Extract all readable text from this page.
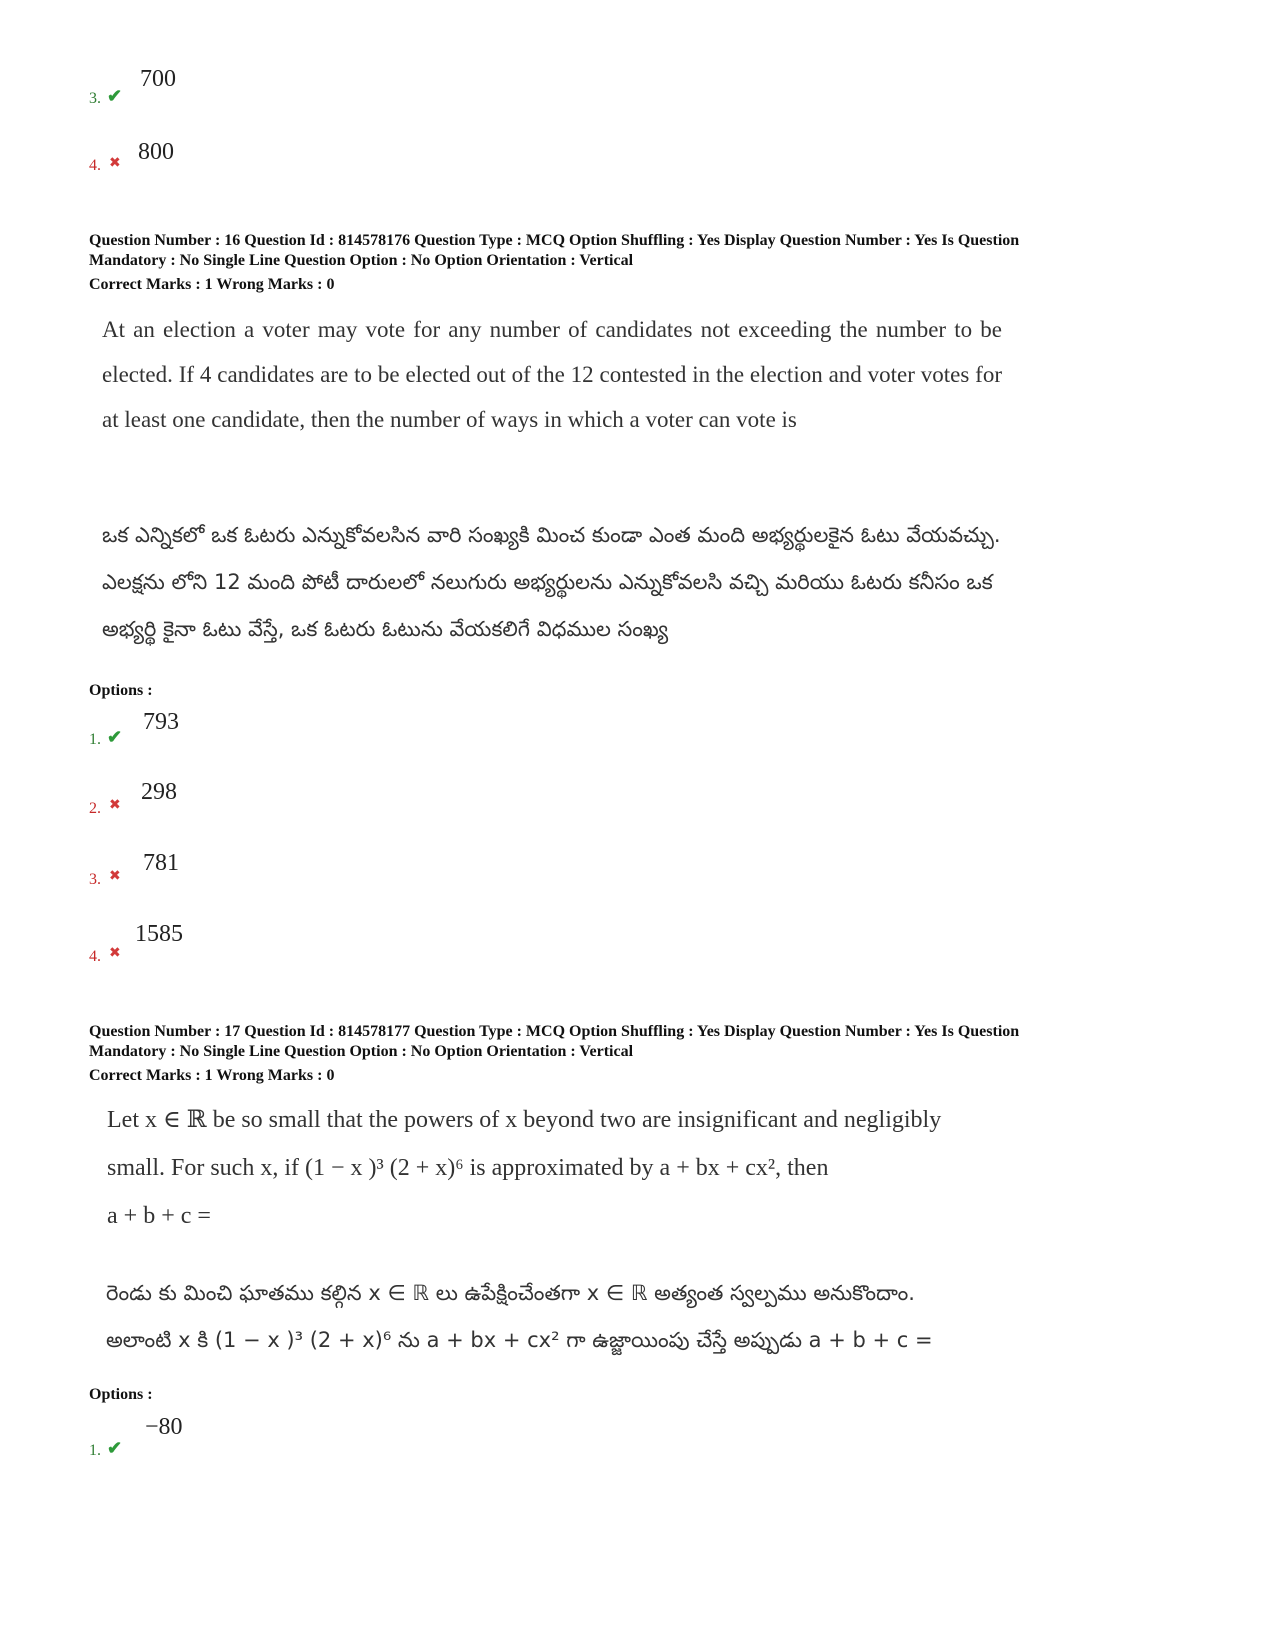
3. ✔
700
4. ✖ 800
Question Number : 16 Question Id : 814578176 Question Type : MCQ Option Shuffling : Yes Display Question Number : Yes Is Question
Mandatory : No Single Line Question Option : No Option Orientation : Vertical
Correct Marks : 1 Wrong Marks : 0
At an election a voter may vote for any number of candidates not exceeding the number to be elected. If 4 candidates are to be elected out of the 12 contested in the election and voter votes for at least one candidate, then the number of ways in which a voter can vote is
ఒక ఎన్నికలో ఒక ఓటరు ఎన్నుకోవలసిన వారి సంఖ్యకి మించ కుండా ఎంత మంది అభ్యర్థులకైన ఓటు వేయవచ్చు. ఎలక్షను లోని 12 మంది పోటీ దారులలో నలుగురు అభ్యర్థులను ఎన్నుకోవలసి వచ్చి మరియు ఓటరు కనీసం ఒక అభ్యర్థి కైనా ఓటు వేస్తే, ఒక ఓటరు ఓటును వేయకలిగే విధముల సంఖ్య
Options :
1. ✔
793
2. ✖
298
3. ✖
781
4. ✖
1585
Question Number : 17 Question Id : 814578177 Question Type : MCQ Option Shuffling : Yes Display Question Number : Yes Is Question
Mandatory : No Single Line Question Option : No Option Orientation : Vertical
Correct Marks : 1 Wrong Marks : 0
Let x ∈ ℝ be so small that the powers of x beyond two are insignificant and negligibly
small. For such x, if (1 − x )³ (2 + x)⁶ is approximated by a + bx + cx², then
a + b + c =
రెండు కు మించి ఘాతము కల్గిన x ∈ ℝ లు ఉపేక్షించేంతగా x ∈ ℝ అత్యంత స్వల్పము అనుకొందాం.
అలాంటి x కి (1 − x )³ (2 + x)⁶ ను a + bx + cx² గా ఉజ్జాయింపు చేస్తే అప్పుడు a + b + c =
Options :
1. ✔
−80
